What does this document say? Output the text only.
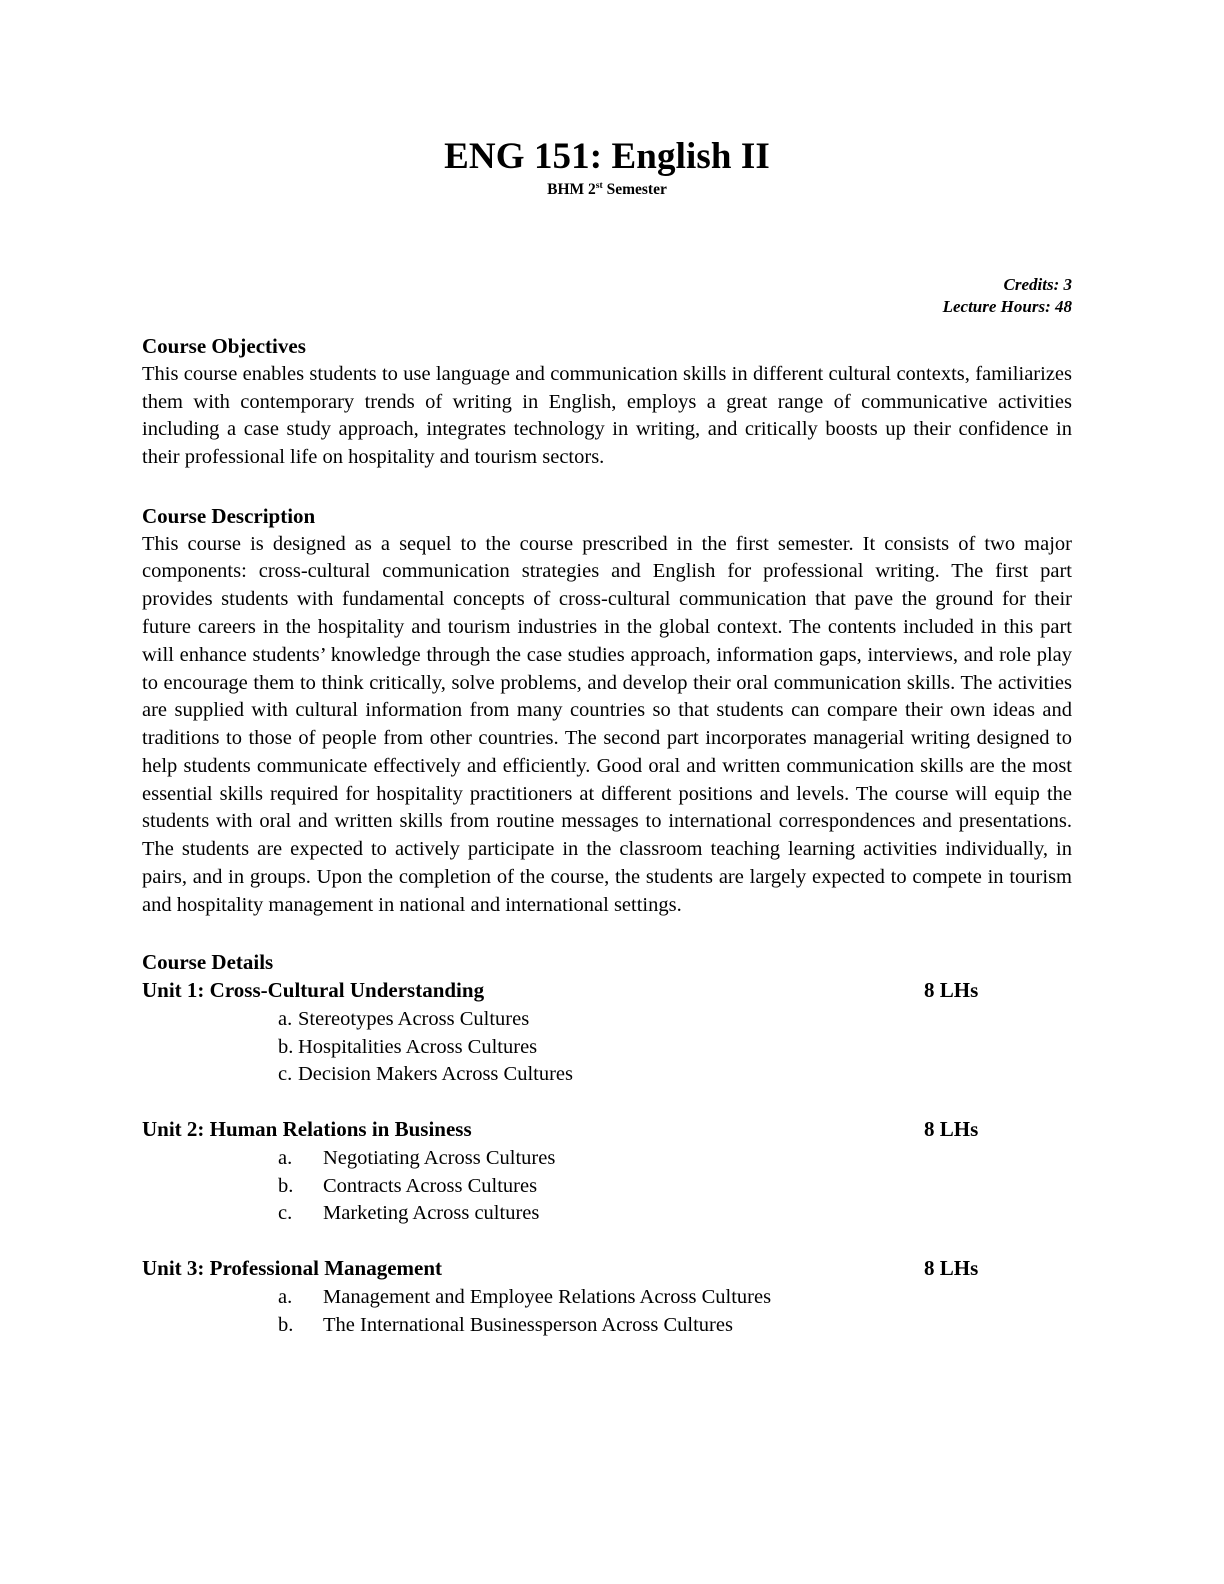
ENG 151: English II

BHM 2st Semester

Credits: 3
Lecture Hours: 48
Course Objectives

This course enables students to use language and communication skills in different cultural contexts, familiarizes them with contemporary trends of writing in English, employs a great range of communicative activities including a case study approach, integrates technology in writing, and critically boosts up their confidence in their professional life on hospitality and tourism sectors.

Course Description

This course is designed as a sequel to the course prescribed in the first semester. It consists of two major components: cross-cultural communication strategies and English for professional writing. The first part provides students with fundamental concepts of cross-cultural communication that pave the ground for their future careers in the hospitality and tourism industries in the global context. The contents included in this part will enhance students’ knowledge through the case studies approach, information gaps, interviews, and role play to encourage them to think critically, solve problems, and develop their oral communication skills. The activities are supplied with cultural information from many countries so that students can compare their own ideas and traditions to those of people from other countries. The second part incorporates managerial writing designed to help students communicate effectively and efficiently. Good oral and written communication skills are the most essential skills required for hospitality practitioners at different positions and levels. The course will equip the students with oral and written skills from routine messages to international correspondences and presentations. The students are expected to actively participate in the classroom teaching learning activities individually, in pairs, and in groups. Upon the completion of the course, the students are largely expected to compete in tourism and hospitality management in national and international settings.

Course Details
Unit 1: Cross-Cultural Understanding	8 LHs
a. Stereotypes Across Cultures
b. Hospitalities Across Cultures
c. Decision Makers Across Cultures
Unit 2: Human Relations in Business	8 LHs
a.	Negotiating Across Cultures
b.	Contracts Across Cultures
c.	Marketing Across cultures
Unit 3: Professional Management	8 LHs
a.	Management and Employee Relations Across Cultures
b.	The International Businessperson Across Cultures
